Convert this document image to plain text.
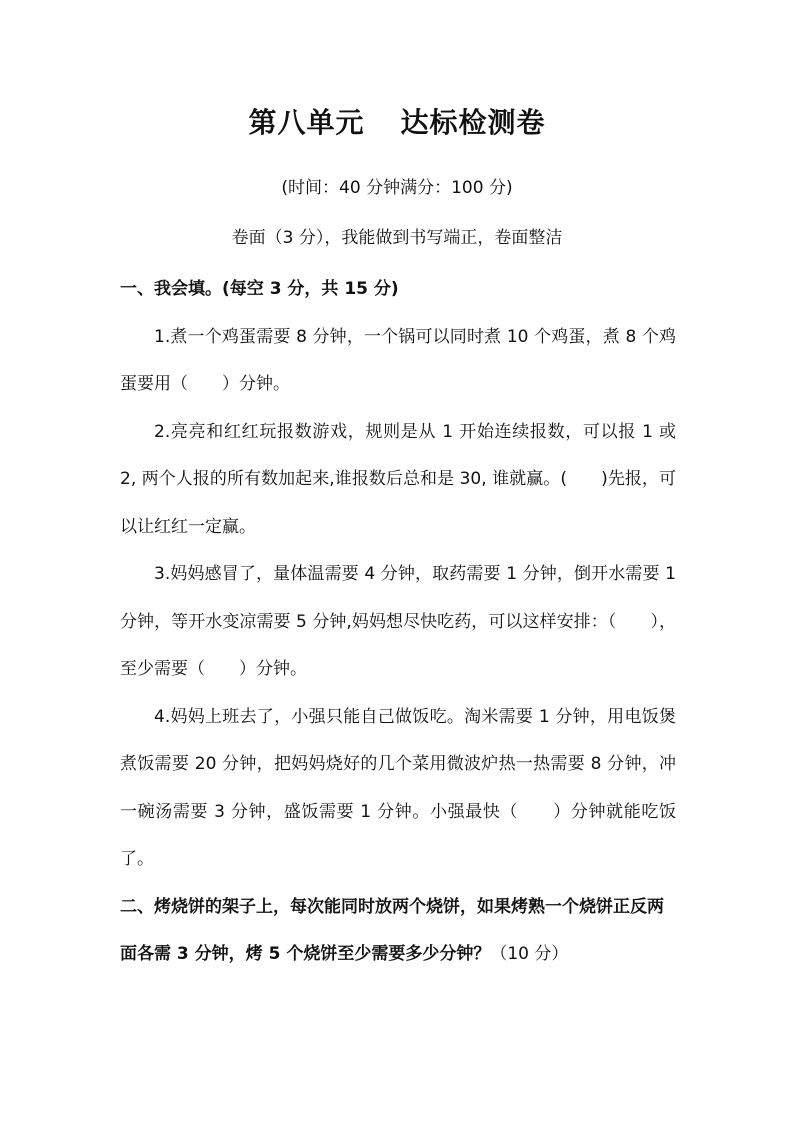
第八单元 达标检测卷
(时间：40 分钟满分：100 分)
卷面（3 分），我能做到书写端正，卷面整洁

一、我会填。(每空 3 分，共 15 分)

1.煮一个鸡蛋需要 8 分钟，一个锅可以同时煮 10 个鸡蛋，煮 8 个鸡蛋要用（　　）分钟。

2.亮亮和红红玩报数游戏，规则是从 1 开始连续报数，可以报 1 或 2, 两个人报的所有数加起来,谁报数后总和是 30, 谁就赢。(　　)先报，可以让红红一定赢。

3.妈妈感冒了，量体温需要 4 分钟，取药需要 1 分钟，倒开水需要 1 分钟，等开水变凉需要 5 分钟,妈妈想尽快吃药，可以这样安排：（　　），至少需要（　　）分钟。

4.妈妈上班去了，小强只能自己做饭吃。淘米需要 1 分钟，用电饭煲煮饭需要 20 分钟，把妈妈烧好的几个菜用微波炉热一热需要 8 分钟，冲一碗汤需要 3 分钟，盛饭需要 1 分钟。小强最快（　　）分钟就能吃饭了。

二、烤烧饼的架子上，每次能同时放两个烧饼，如果烤熟一个烧饼正反两面各需 3 分钟，烤 5 个烧饼至少需要多少分钟？（10 分）
